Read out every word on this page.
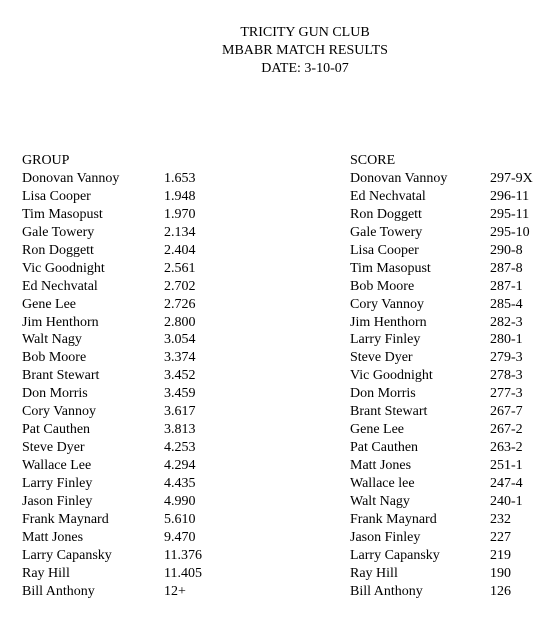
TRICITY GUN CLUB
MBABR MATCH RESULTS
DATE: 3-10-07
GROUP
Donovan Vannoy	1.653
Lisa Cooper	1.948
Tim Masopust	1.970
Gale Towery	2.134
Ron Doggett	2.404
Vic Goodnight	2.561
Ed Nechvatal	2.702
Gene Lee	2.726
Jim Henthorn	2.800
Walt Nagy	3.054
Bob Moore	3.374
Brant Stewart	3.452
Don Morris	3.459
Cory Vannoy	3.617
Pat Cauthen	3.813
Steve Dyer	4.253
Wallace Lee	4.294
Larry Finley	4.435
Jason Finley	4.990
Frank Maynard	5.610
Matt Jones	9.470
Larry Capansky	11.376
Ray Hill	11.405
Bill Anthony	12+
SCORE
Donovan Vannoy	297-9X
Ed Nechvatal	296-11
Ron Doggett	295-11
Gale Towery	295-10
Lisa Cooper	290-8
Tim Masopust	287-8
Bob Moore	287-1
Cory Vannoy	285-4
Jim Henthorn	282-3
Larry Finley	280-1
Steve Dyer	279-3
Vic Goodnight	278-3
Don Morris	277-3
Brant Stewart	267-7
Gene Lee	267-2
Pat Cauthen	263-2
Matt Jones	251-1
Wallace lee	247-4
Walt Nagy	240-1
Frank Maynard	232
Jason Finley	227
Larry Capansky	219
Ray Hill	190
Bill Anthony	126
